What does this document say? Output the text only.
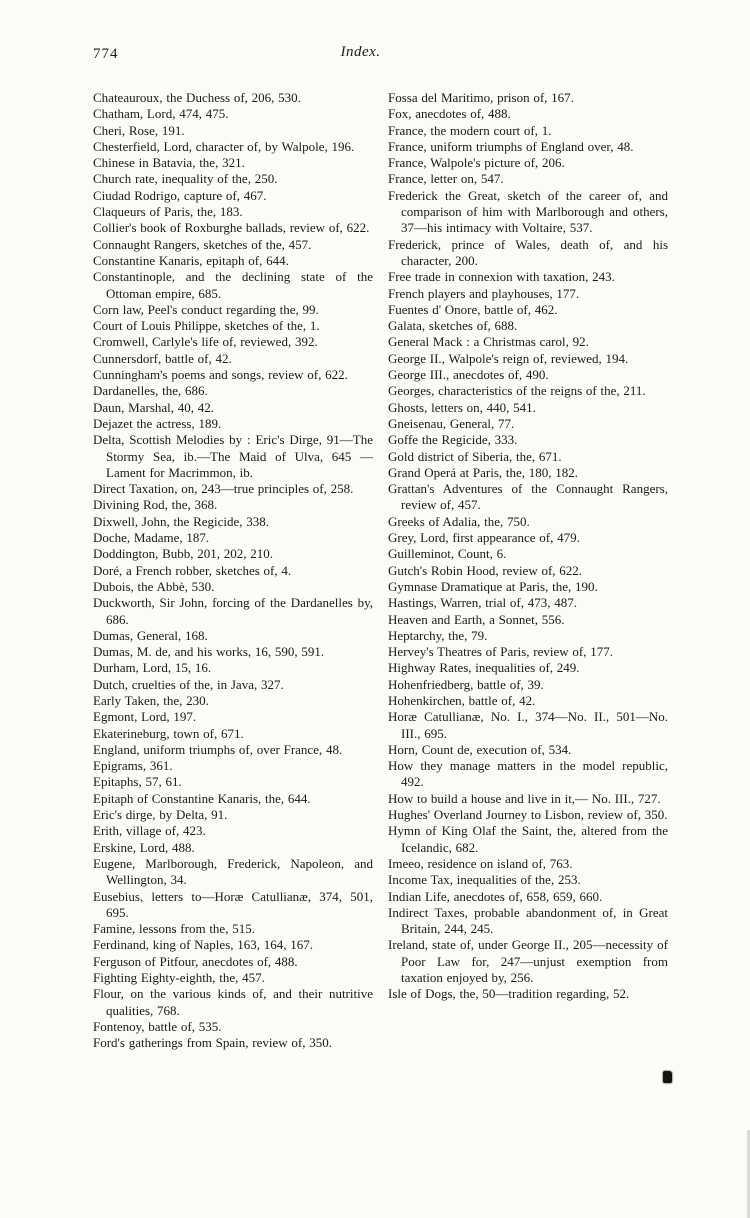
774	Index.
Chateauroux, the Duchess of, 206, 530.
Chatham, Lord, 474, 475.
Cheri, Rose, 191.
Chesterfield, Lord, character of, by Walpole, 196.
Chinese in Batavia, the, 321.
Church rate, inequality of the, 250.
Ciudad Rodrigo, capture of, 467.
Claqueurs of Paris, the, 183.
Collier's book of Roxburghe ballads, review of, 622.
Connaught Rangers, sketches of the, 457.
Constantine Kanaris, epitaph of, 644.
Constantinople, and the declining state of the Ottoman empire, 685.
Corn law, Peel's conduct regarding the, 99.
Court of Louis Philippe, sketches of the, 1.
Cromwell, Carlyle's life of, reviewed, 392.
Cunnersdorf, battle of, 42.
Cunningham's poems and songs, review of, 622.
Dardanelles, the, 686.
Daun, Marshal, 40, 42.
Dejazet the actress, 189.
Delta, Scottish Melodies by : Eric's Dirge, 91—The Stormy Sea, ib.—The Maid of Ulva, 645 — Lament for Macrimmon, ib.
Direct Taxation, on, 243—true principles of, 258.
Divining Rod, the, 368.
Dixwell, John, the Regicide, 338.
Doche, Madame, 187.
Doddington, Bubb, 201, 202, 210.
Doré, a French robber, sketches of, 4.
Dubois, the Abbè, 530.
Duckworth, Sir John, forcing of the Dardanelles by, 686.
Dumas, General, 168.
Dumas, M. de, and his works, 16, 590, 591.
Durham, Lord, 15, 16.
Dutch, cruelties of the, in Java, 327.
Early Taken, the, 230.
Egmont, Lord, 197.
Ekaterineburg, town of, 671.
England, uniform triumphs of, over France, 48.
Epigrams, 361.
Epitaphs, 57, 61.
Epitaph of Constantine Kanaris, the, 644.
Eric's dirge, by Delta, 91.
Erith, village of, 423.
Erskine, Lord, 488.
Eugene, Marlborough, Frederick, Napoleon, and Wellington, 34.
Eusebius, letters to—Horæ Catullianæ, 374, 501, 695.
Famine, lessons from the, 515.
Ferdinand, king of Naples, 163, 164, 167.
Ferguson of Pitfour, anecdotes of, 488.
Fighting Eighty-eighth, the, 457.
Flour, on the various kinds of, and their nutritive qualities, 768.
Fontenoy, battle of, 535.
Ford's gatherings from Spain, review of, 350.
Fossa del Maritimo, prison of, 167.
Fox, anecdotes of, 488.
France, the modern court of, 1.
France, uniform triumphs of England over, 48.
France, Walpole's picture of, 206.
France, letter on, 547.
Frederick the Great, sketch of the career of, and comparison of him with Marlborough and others, 37—his intimacy with Voltaire, 537.
Frederick, prince of Wales, death of, and his character, 200.
Free trade in connexion with taxation, 243.
French players and playhouses, 177.
Fuentes d' Onore, battle of, 462.
Galata, sketches of, 688.
General Mack : a Christmas carol, 92.
George II., Walpole's reign of, reviewed, 194.
George III., anecdotes of, 490.
Georges, characteristics of the reigns of the, 211.
Ghosts, letters on, 440, 541.
Gneisenau, General, 77.
Goffe the Regicide, 333.
Gold district of Siberia, the, 671.
Grand Operá at Paris, the, 180, 182.
Grattan's Adventures of the Connaught Rangers, review of, 457.
Greeks of Adalia, the, 750.
Grey, Lord, first appearance of, 479.
Guilleminot, Count, 6.
Gutch's Robin Hood, review of, 622.
Gymnase Dramatique at Paris, the, 190.
Hastings, Warren, trial of, 473, 487.
Heaven and Earth, a Sonnet, 556.
Heptarchy, the, 79.
Hervey's Theatres of Paris, review of, 177.
Highway Rates, inequalities of, 249.
Hohenfriedberg, battle of, 39.
Hohenkirchen, battle of, 42.
Horæ Catullianæ, No. I., 374—No. II., 501—No. III., 695.
Horn, Count de, execution of, 534.
How they manage matters in the model republic, 492.
How to build a house and live in it,— No. III., 727.
Hughes' Overland Journey to Lisbon, review of, 350.
Hymn of King Olaf the Saint, the, altered from the Icelandic, 682.
Imeeo, residence on island of, 763.
Income Tax, inequalities of the, 253.
Indian Life, anecdotes of, 658, 659, 660.
Indirect Taxes, probable abandonment of, in Great Britain, 244, 245.
Ireland, state of, under George II., 205—necessity of Poor Law for, 247—unjust exemption from taxation enjoyed by, 256.
Isle of Dogs, the, 50—tradition regarding, 52.
